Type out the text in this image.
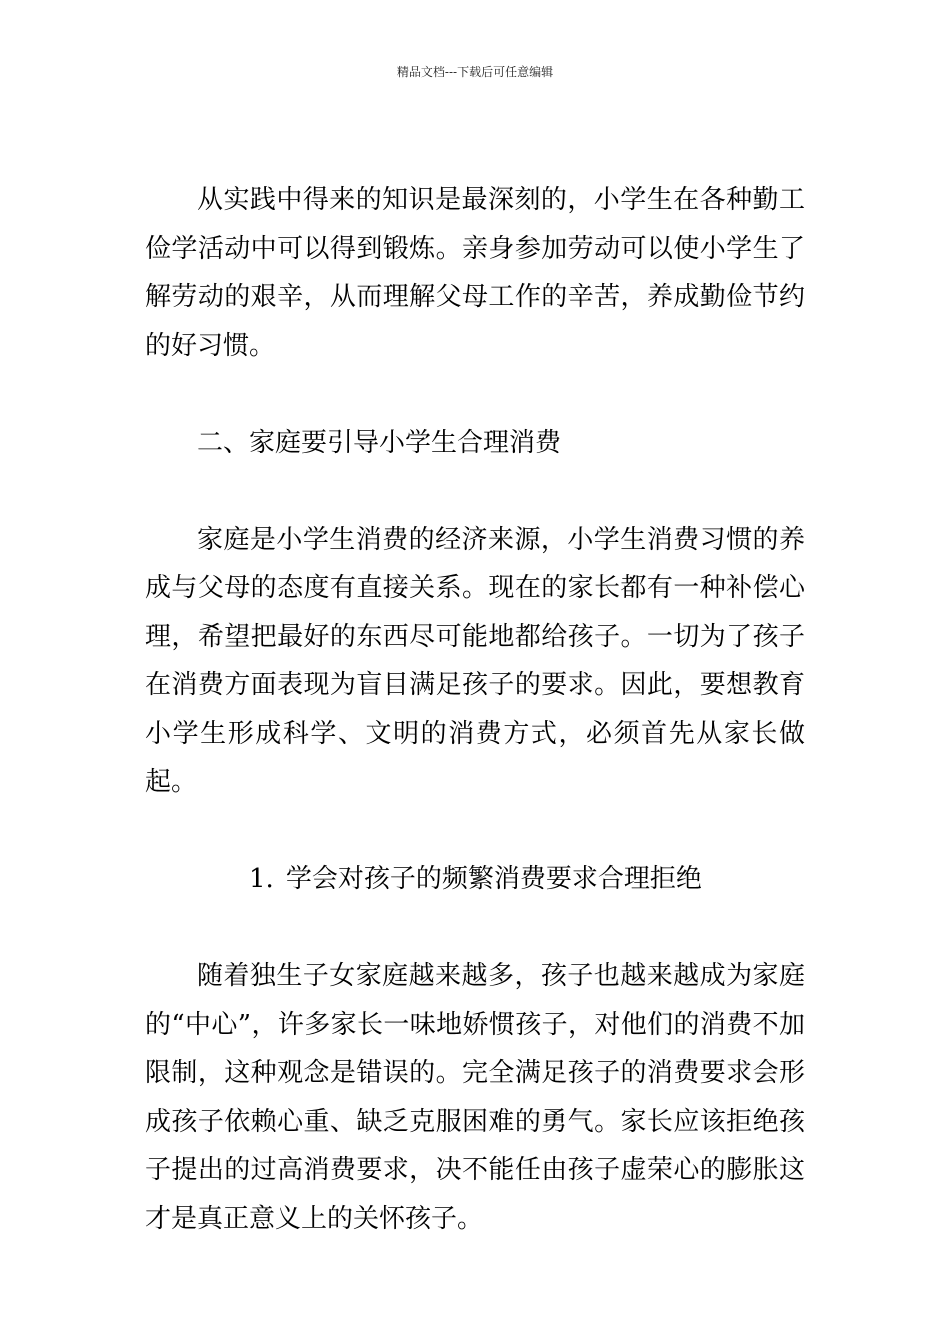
精品文档---下载后可任意编辑

从实践中得来的知识是最深刻的，小学生在各种勤工俭学活动中可以得到锻炼。亲身参加劳动可以使小学生了解劳动的艰辛，从而理解父母工作的辛苦，养成勤俭节约的好习惯。

二、家庭要引导小学生合理消费

家庭是小学生消费的经济来源，小学生消费习惯的养成与父母的态度有直接关系。现在的家长都有一种补偿心理，希望把最好的东西尽可能地都给孩子。一切为了孩子在消费方面表现为盲目满足孩子的要求。因此，要想教育小学生形成科学、文明的消费方式，必须首先从家长做起。

1. 学会对孩子的频繁消费要求合理拒绝

随着独生子女家庭越来越多，孩子也越来越成为家庭的“中心”，许多家长一味地娇惯孩子，对他们的消费不加限制，这种观念是错误的。完全满足孩子的消费要求会形成孩子依赖心重、缺乏克服困难的勇气。家长应该拒绝孩子提出的过高消费要求，决不能任由孩子虚荣心的膨胀这才是真正意义上的关怀孩子。
